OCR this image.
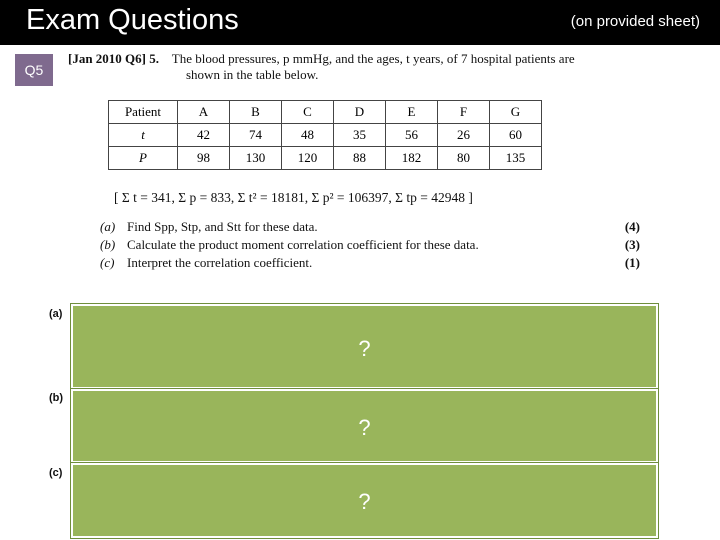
Exam Questions	(on provided sheet)
Q5
[Jan 2010 Q6] 5. The blood pressures, p mmHg, and the ages, t years, of 7 hospital patients are
shown in the table below.
Patient	A	B	C	D	E	F	G
t	42	74	48	35	56	26	60
P	98	130	120	88	182	80	135
[ Σ t = 341, Σ p = 833, Σ t² = 18181, Σ p² = 106397, Σ tp = 42948 ]
(a) Find Spp, Stp, and Stt for these data.	(4)
(b) Calculate the product moment correlation coefficient for these data.	(3)
(c) Interpret the correlation coefficient.	(1)
(a)
?
(b)
?
(c)
?
